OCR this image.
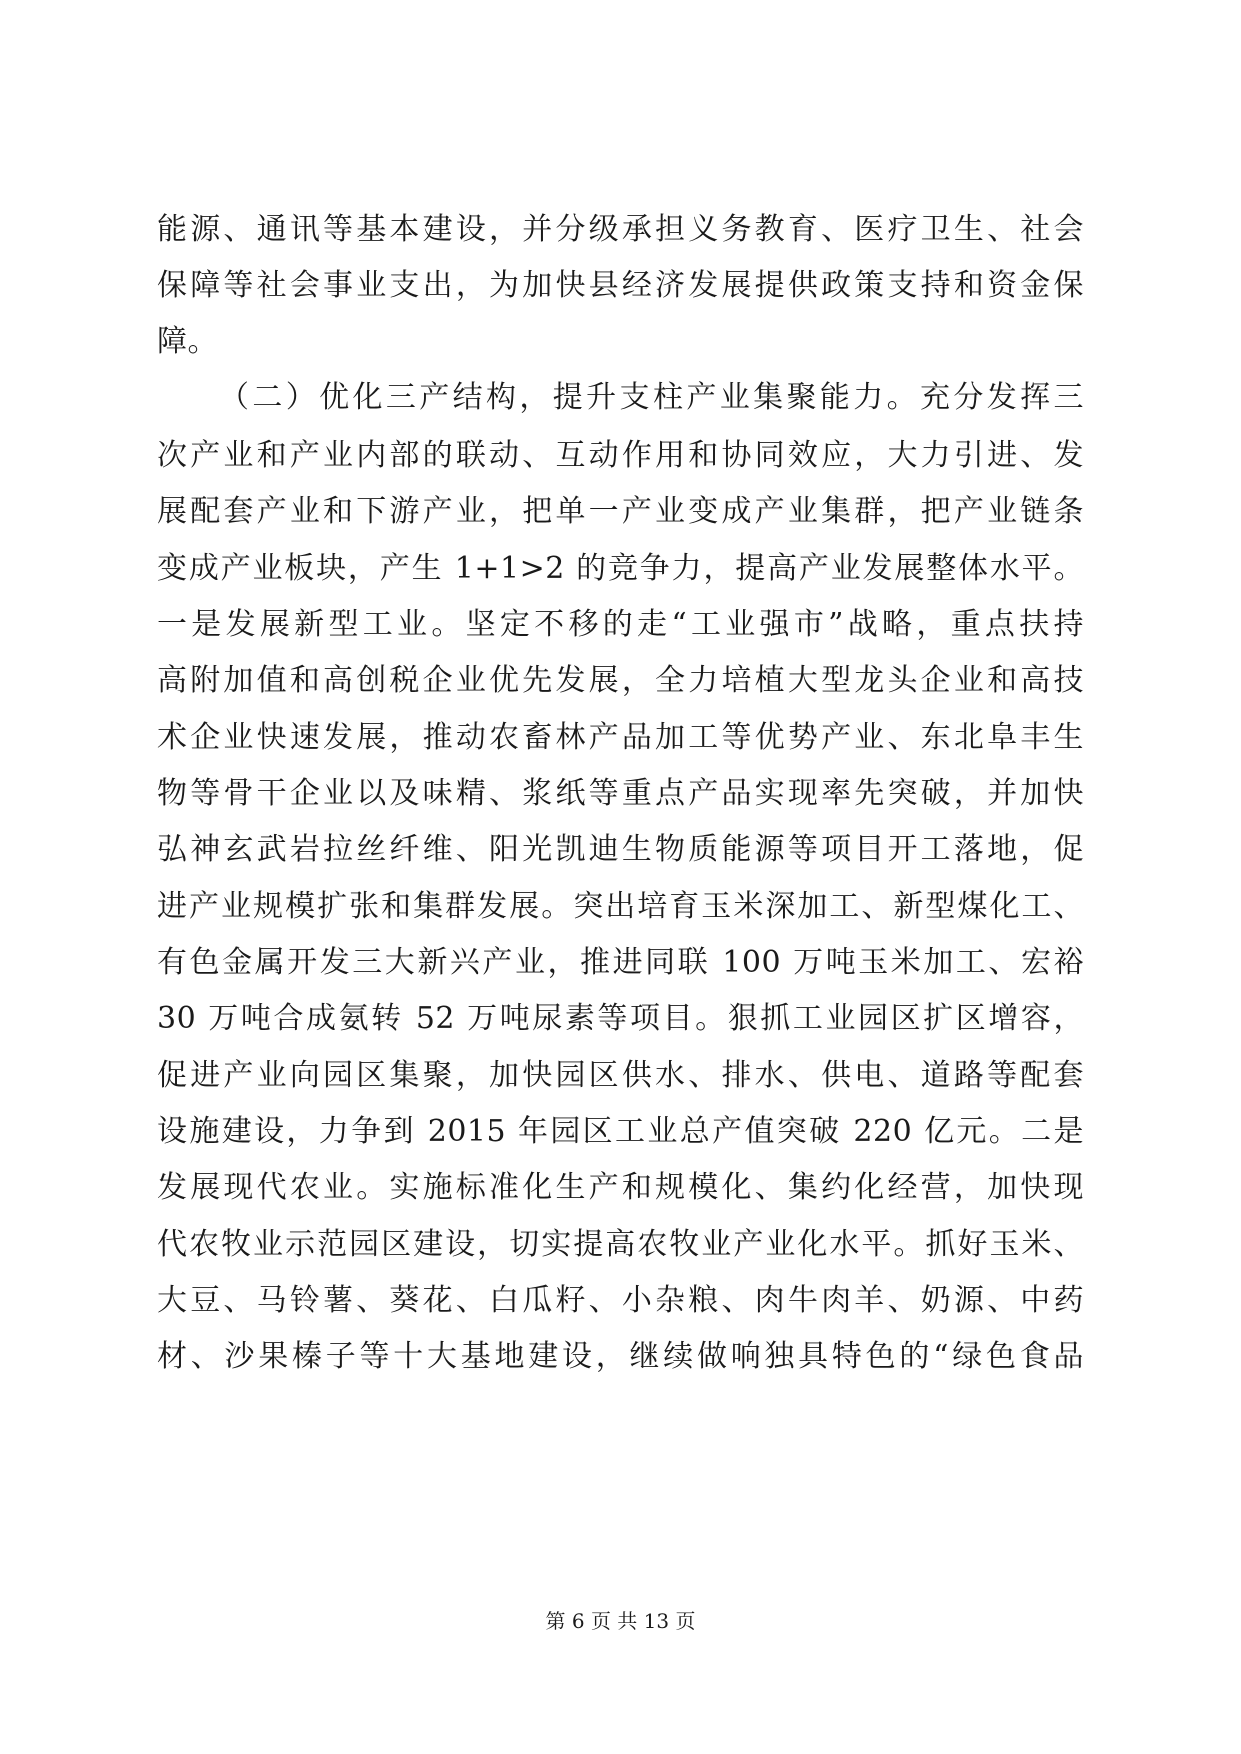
能源、通讯等基本建设，并分级承担义务教育、医疗卫生、社会
保障等社会事业支出，为加快县经济发展提供政策支持和资金保
障。
（二）优化三产结构，提升支柱产业集聚能力。充分发挥三
次产业和产业内部的联动、互动作用和协同效应，大力引进、发
展配套产业和下游产业，把单一产业变成产业集群，把产业链条
变成产业板块，产生 1+1>2 的竞争力，提高产业发展整体水平。
一是发展新型工业。坚定不移的走“工业强市”战略，重点扶持
高附加值和高创税企业优先发展，全力培植大型龙头企业和高技
术企业快速发展，推动农畜林产品加工等优势产业、东北阜丰生
物等骨干企业以及味精、浆纸等重点产品实现率先突破，并加快
弘神玄武岩拉丝纤维、阳光凯迪生物质能源等项目开工落地，促
进产业规模扩张和集群发展。突出培育玉米深加工、新型煤化工、
有色金属开发三大新兴产业，推进同联 100 万吨玉米加工、宏裕
30 万吨合成氨转 52 万吨尿素等项目。狠抓工业园区扩区增容，
促进产业向园区集聚，加快园区供水、排水、供电、道路等配套
设施建设，力争到 2015 年园区工业总产值突破 220 亿元。二是
发展现代农业。实施标准化生产和规模化、集约化经营，加快现
代农牧业示范园区建设，切实提高农牧业产业化水平。抓好玉米、
大豆、马铃薯、葵花、白瓜籽、小杂粮、肉牛肉羊、奶源、中药
材、沙果榛子等十大基地建设，继续做响独具特色的“绿色食品
第 6 页 共 13 页
